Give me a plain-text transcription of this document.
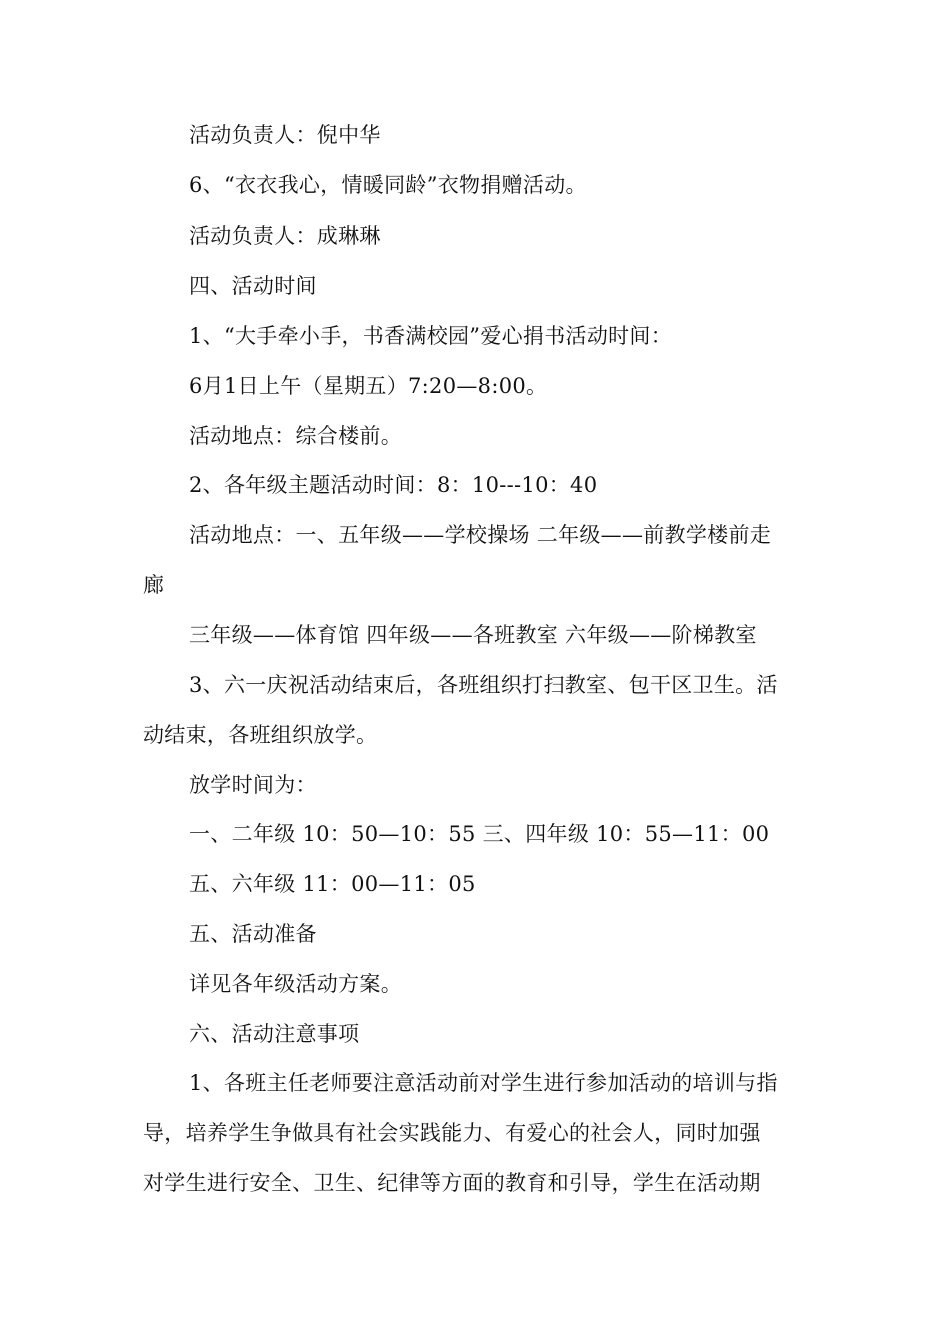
活动负责人：倪中华
6、“衣衣我心，情暖同龄”衣物捐赠活动。
活动负责人：成琳琳
四、活动时间
1、“大手牵小手，书香满校园”爱心捐书活动时间：
6月1日上午（星期五）7:20—8:00。
活动地点：综合楼前。
2、各年级主题活动时间：8：10---10：40
活动地点：一、五年级——学校操场 二年级——前教学楼前走
廊
三年级——体育馆 四年级——各班教室 六年级——阶梯教室
3、六一庆祝活动结束后，各班组织打扫教室、包干区卫生。活
动结束，各班组织放学。
放学时间为：
一、二年级 10：50—10：55 三、四年级 10：55—11：00
五、六年级 11：00—11：05
五、活动准备
详见各年级活动方案。
六、活动注意事项
1、各班主任老师要注意活动前对学生进行参加活动的培训与指
导，培养学生争做具有社会实践能力、有爱心的社会人，同时加强
对学生进行安全、卫生、纪律等方面的教育和引导，学生在活动期
